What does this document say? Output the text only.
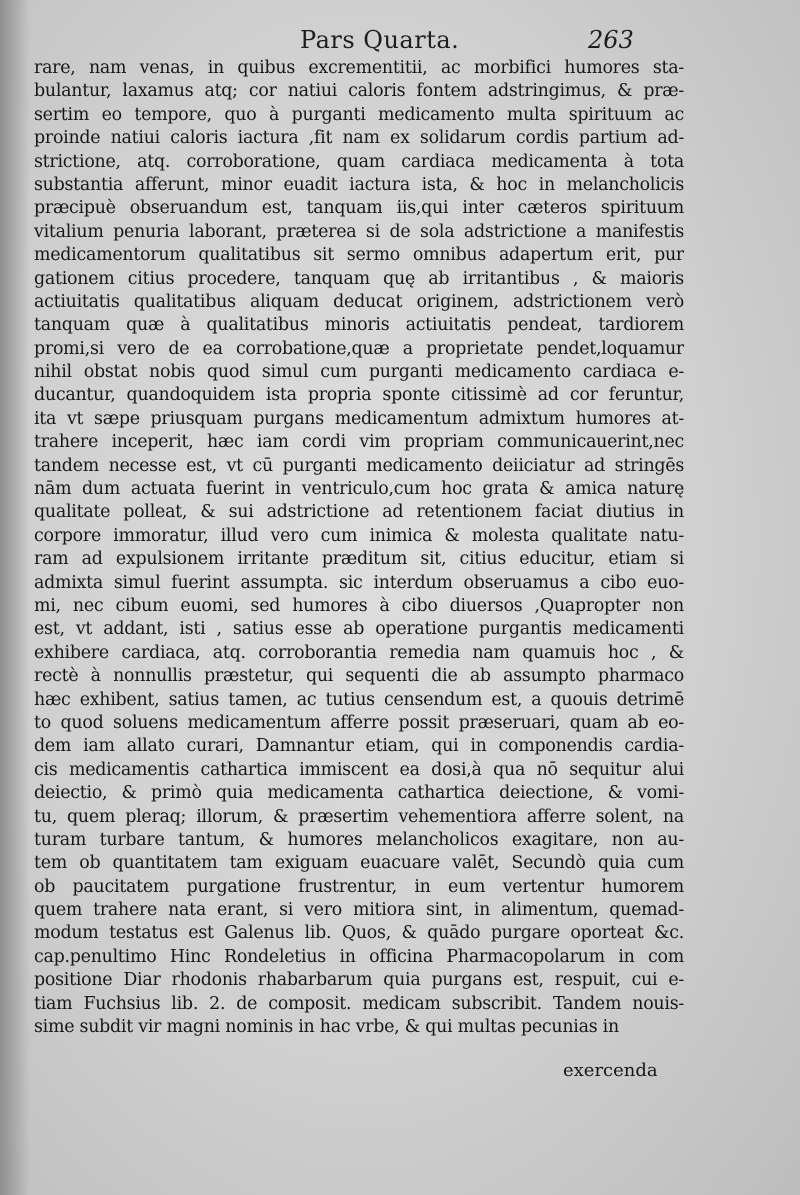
Pars Quarta.	263
rare, nam venas, in quibus excrementitii, ac morbifici humores sta-
bulantur, laxamus atq; cor natiui caloris fontem adstringimus, & præ-
sertim eo tempore, quo à purganti medicamento multa spirituum ac
proinde natiui caloris iactura ,fit nam ex solidarum cordis partium ad-
strictione, atq. corroboratione, quam cardiaca medicamenta à tota
substantia afferunt, minor euadit iactura ista, & hoc in melancholicis
præcipuè obseruandum est, tanquam iis,qui inter cæteros spirituum
vitalium penuria laborant, præterea si de sola adstrictione a manifestis
medicamentorum qualitatibus sit sermo omnibus adapertum erit, pur
gationem citius procedere, tanquam quę ab irritantibus , & maioris
actiuitatis qualitatibus aliquam deducat originem, adstrictionem verò
tanquam quæ à qualitatibus minoris actiuitatis pendeat, tardiorem
promi,si vero de ea corrobatione,quæ a proprietate pendet,loquamur
nihil obstat nobis quod simul cum purganti medicamento cardiaca e-
ducantur, quandoquidem ista propria sponte citissimè ad cor feruntur,
ita vt sæpe priusquam purgans medicamentum admixtum humores at-
trahere inceperit, hæc iam cordi vim propriam communicauerint,nec
tandem necesse est, vt cū purganti medicamento deiiciatur ad stringēs
nām dum actuata fuerint in ventriculo,cum hoc grata & amica naturę
qualitate polleat, & sui adstrictione ad retentionem faciat diutius in
corpore immoratur, illud vero cum inimica & molesta qualitate natu-
ram ad expulsionem irritante præditum sit, citius educitur, etiam si
admixta simul fuerint assumpta. sic interdum obseruamus a cibo euo-
mi, nec cibum euomi, sed humores à cibo diuersos ,Quapropter non
est, vt addant, isti , satius esse ab operatione purgantis medicamenti
exhibere cardiaca, atq. corroborantia remedia nam quamuis hoc , &
rectè à nonnullis præstetur, qui sequenti die ab assumpto pharmaco
hæc exhibent, satius tamen, ac tutius censendum est, a quouis detrimē
to quod soluens medicamentum afferre possit præseruari, quam ab eo-
dem iam allato curari, Damnantur etiam, qui in componendis cardia-
cis medicamentis cathartica immiscent ea dosi,à qua nō sequitur alui
deiectio, & primò quia medicamenta cathartica deiectione, & vomi-
tu, quem pleraq; illorum, & præsertim vehementiora afferre solent, na
turam turbare tantum, & humores melancholicos exagitare, non au-
tem ob quantitatem tam exiguam euacuare valēt, Secundò quia cum
ob paucitatem purgatione frustrentur, in eum vertentur humorem
quem trahere nata erant, si vero mitiora sint, in alimentum, quemad-
modum testatus est Galenus lib. Quos, & quādo purgare oporteat &c.
cap.penultimo Hinc Rondeletius in officina Pharmacopolarum in com
positione Diar rhodonis rhabarbarum quia purgans est, respuit, cui e-
tiam Fuchsius lib. 2. de composit. medicam subscribit. Tandem nouis-
sime subdit vir magni nominis in hac vrbe, & qui multas pecunias in
exercenda
